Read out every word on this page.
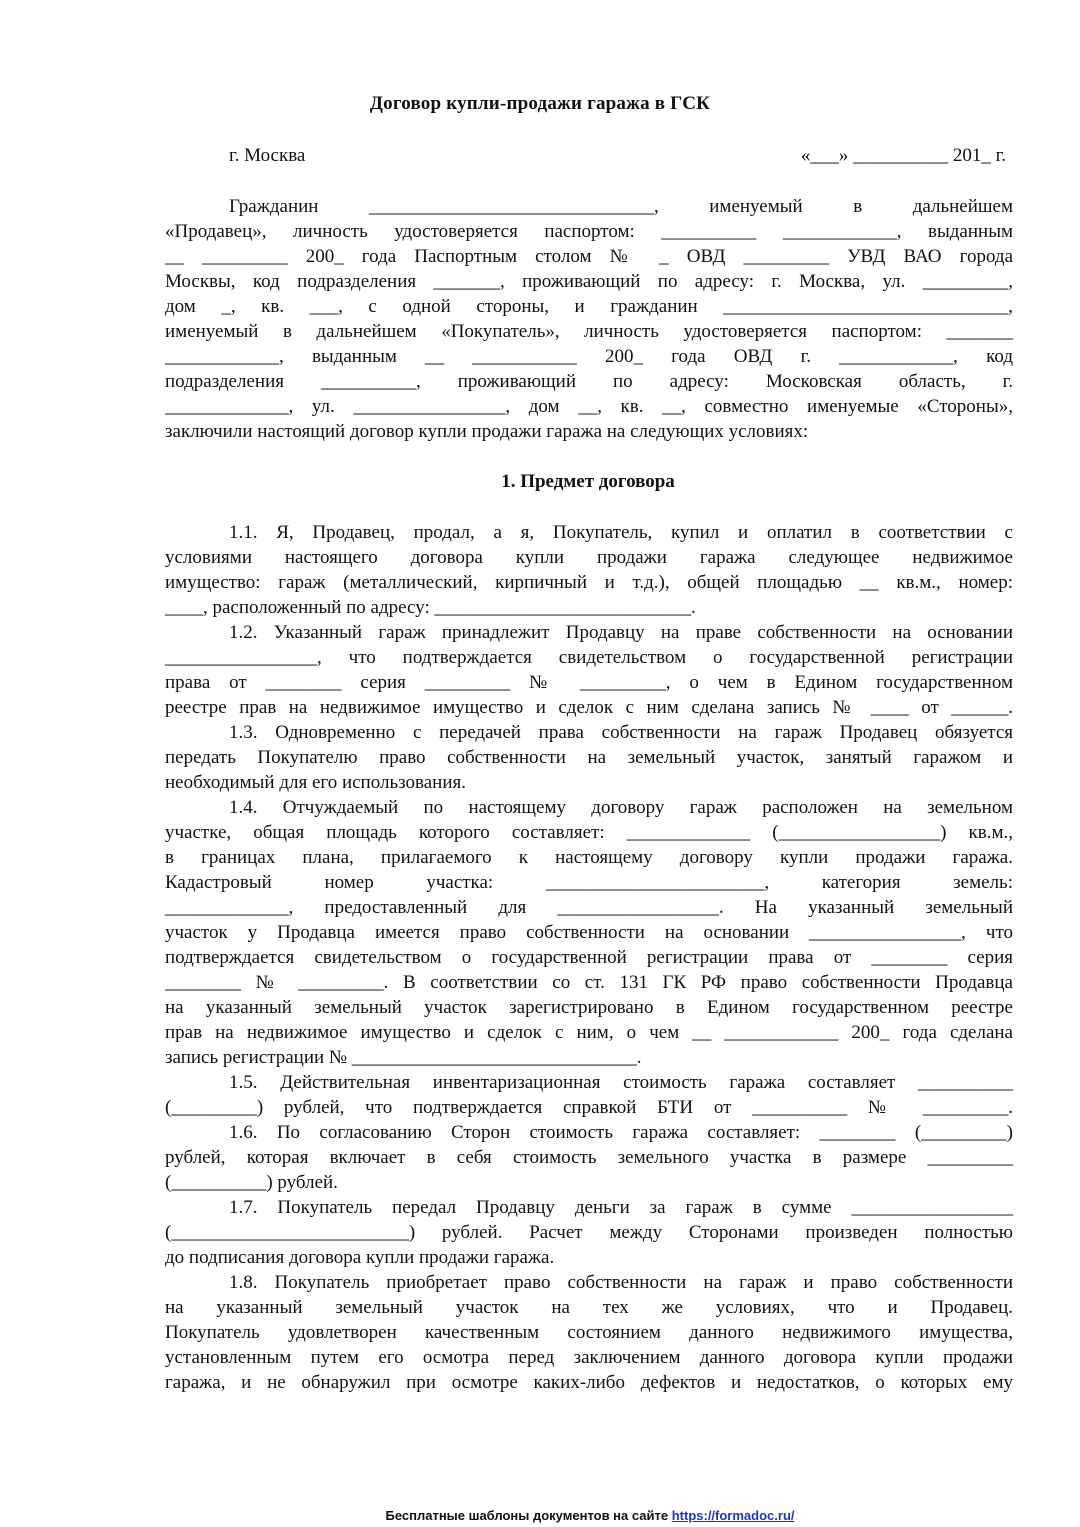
Договор купли-продажи гаража в ГСК
г. Москва	«___» __________ 201_ г.
Гражданин ______________________________, именуемый в дальнейшем
«Продавец», личность удостоверяется паспортом: __________ ____________, выданным
__ _________ 200_ года Паспортным столом № _ ОВД _________ УВД ВАО города
Москвы, код подразделения _______, проживающий по адресу: г. Москва, ул. _________,
дом _, кв. ___, с одной стороны, и гражданин ______________________________,
именуемый в дальнейшем «Покупатель», личность удостоверяется паспортом: _______
____________, выданным __ ___________ 200_ года ОВД г. ____________, код
подразделения __________, проживающий по адресу: Московская область, г.
_____________, ул. ________________, дом __, кв. __, совместно именуемые «Стороны»,
заключили настоящий договор купли продажи гаража на следующих условиях:
1. Предмет договора
1.1. Я, Продавец, продал, а я, Покупатель, купил и оплатил в соответствии с
условиями настоящего договора купли продажи гаража следующее недвижимое
имущество: гараж (металлический, кирпичный и т.д.), общей площадью __ кв.м., номер:
____, расположенный по адресу: ___________________________.
1.2. Указанный гараж принадлежит Продавцу на праве собственности на основании
________________, что подтверждается свидетельством о государственной регистрации
права от ________ серия _________ № _________, о чем в Едином государственном
реестре прав на недвижимое имущество и сделок с ним сделана запись № ____ от ______.
1.3. Одновременно с передачей права собственности на гараж Продавец обязуется
передать Покупателю право собственности на земельный участок, занятый гаражом и
необходимый для его использования.
1.4. Отчуждаемый по настоящему договору гараж расположен на земельном
участке, общая площадь которого составляет: _____________ (_________________) кв.м.,
в границах плана, прилагаемого к настоящему договору купли продажи гаража.
Кадастровый номер участка: _______________________, категория земель:
_____________, предоставленный для _________________. На указанный земельный
участок у Продавца имеется право собственности на основании ________________, что
подтверждается свидетельством о государственной регистрации права от ________ серия
________ № _________. В соответствии со ст. 131 ГК РФ право собственности Продавца
на указанный земельный участок зарегистрировано в Едином государственном реестре
прав на недвижимое имущество и сделок с ним, о чем __ ____________ 200_ года сделана
запись регистрации № ______________________________.
1.5. Действительная инвентаризационная стоимость гаража составляет __________
(_________) рублей, что подтверждается справкой БТИ от __________ № _________.
1.6. По согласованию Сторон стоимость гаража составляет: ________ (_________)
рублей, которая включает в себя стоимость земельного участка в размере _________
(__________) рублей.
1.7. Покупатель передал Продавцу деньги за гараж в сумме _________________
(_________________________) рублей. Расчет между Сторонами произведен полностью
до подписания договора купли продажи гаража.
1.8. Покупатель приобретает право собственности на гараж и право собственности
на указанный земельный участок на тех же условиях, что и Продавец.
Покупатель удовлетворен качественным состоянием данного недвижимого имущества,
установленным путем его осмотра перед заключением данного договора купли продажи
гаража, и не обнаружил при осмотре каких-либо дефектов и недостатков, о которых ему
Бесплатные шаблоны документов на сайте https://formadoc.ru/
